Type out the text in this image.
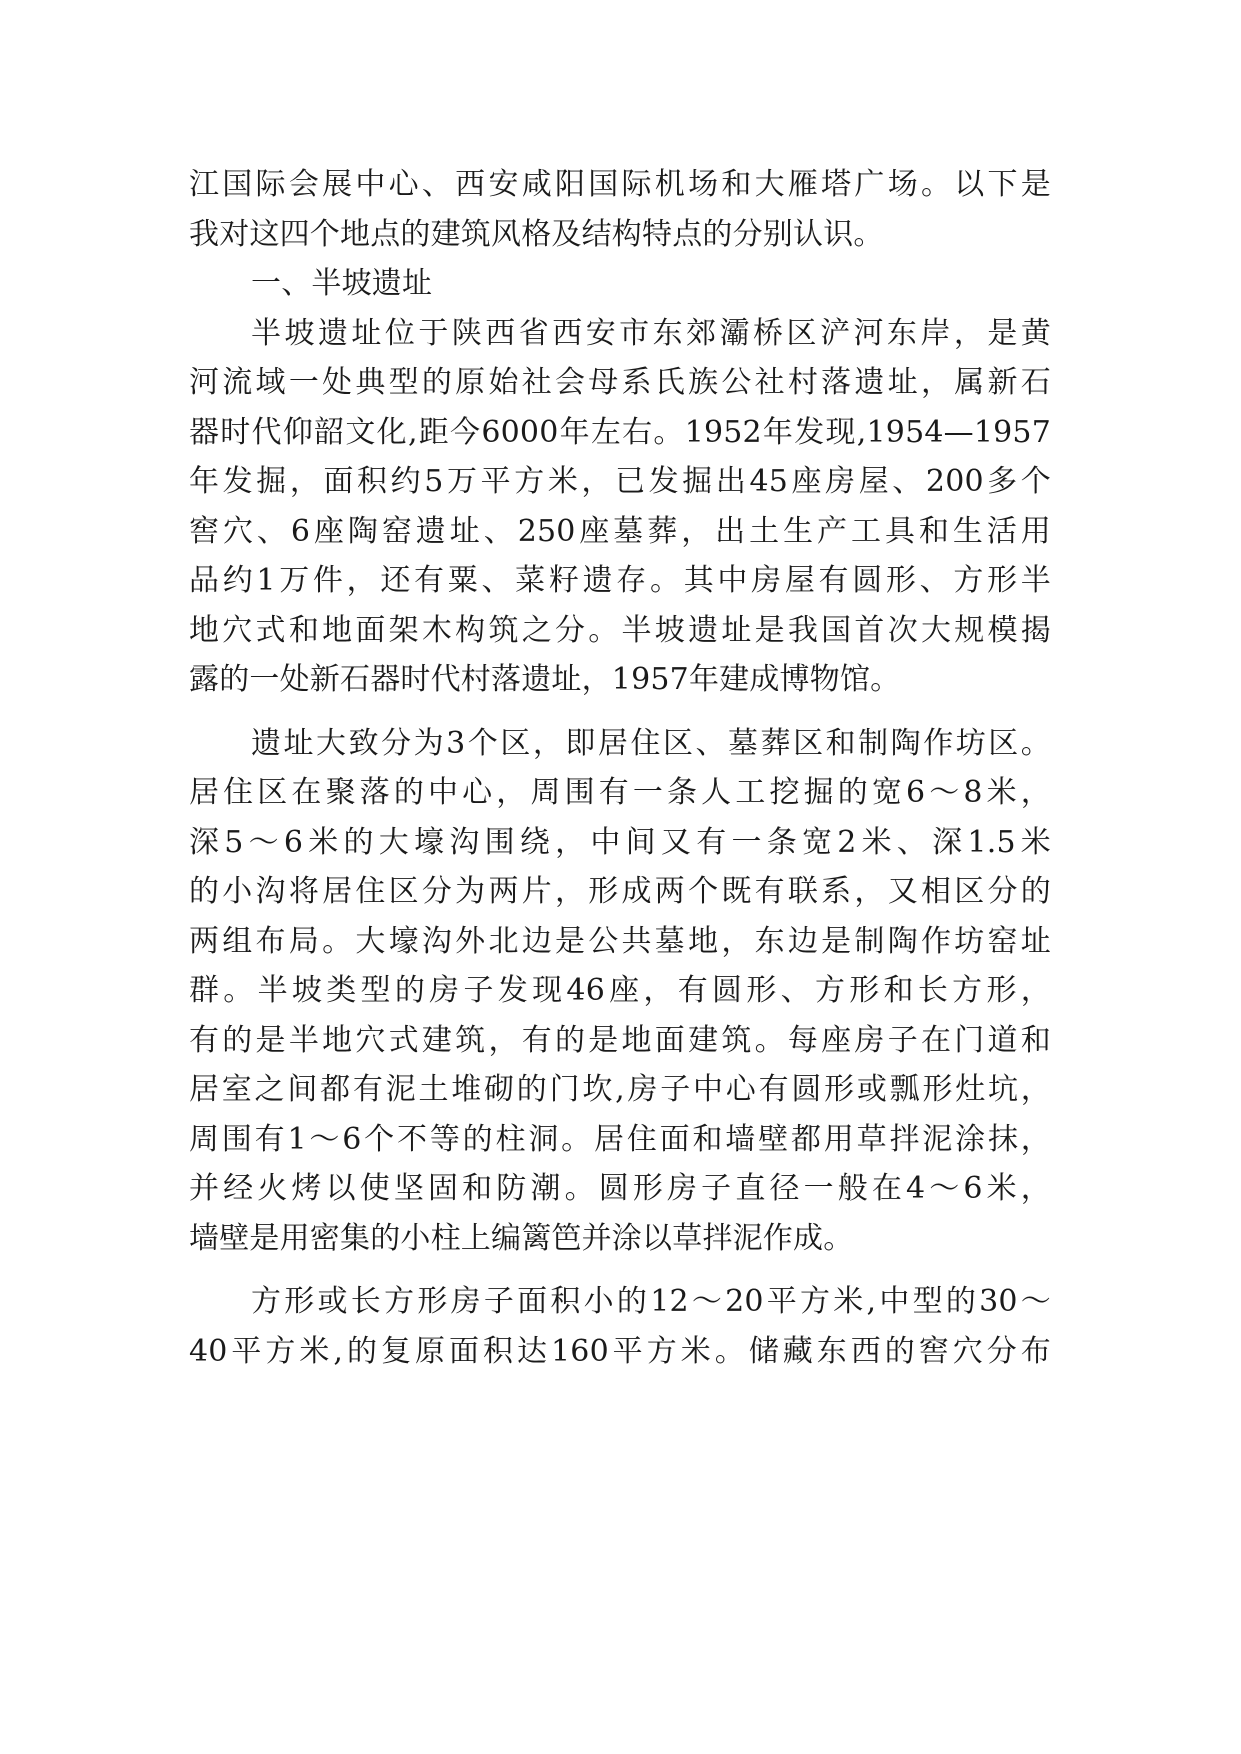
江国际会展中心、西安咸阳国际机场和大雁塔广场。以下是
我对这四个地点的建筑风格及结构特点的分别认识。
一、半坡遗址
半坡遗址位于陕西省西安市东郊灞桥区浐河东岸，是黄
河流域一处典型的原始社会母系氏族公社村落遗址，属新石
器时代仰韶文化,距今6000年左右。1952年发现,1954—1957
年发掘，面积约5万平方米，已发掘出45座房屋、200多个
窖穴、6座陶窑遗址、250座墓葬，出土生产工具和生活用
品约1万件，还有粟、菜籽遗存。其中房屋有圆形、方形半
地穴式和地面架木构筑之分。半坡遗址是我国首次大规模揭
露的一处新石器时代村落遗址，1957年建成博物馆。
遗址大致分为3个区，即居住区、墓葬区和制陶作坊区。
居住区在聚落的中心，周围有一条人工挖掘的宽6～8米，
深5～6米的大壕沟围绕，中间又有一条宽2米、深1.5米
的小沟将居住区分为两片，形成两个既有联系，又相区分的
两组布局。大壕沟外北边是公共墓地，东边是制陶作坊窑址
群。半坡类型的房子发现46座，有圆形、方形和长方形，
有的是半地穴式建筑，有的是地面建筑。每座房子在门道和
居室之间都有泥土堆砌的门坎,房子中心有圆形或瓢形灶坑，
周围有1～6个不等的柱洞。居住面和墙壁都用草拌泥涂抹，
并经火烤以使坚固和防潮。圆形房子直径一般在4～6米，
墙壁是用密集的小柱上编篱笆并涂以草拌泥作成。
方形或长方形房子面积小的12～20平方米,中型的30～
40平方米,的复原面积达160平方米。储藏东西的窖穴分布
